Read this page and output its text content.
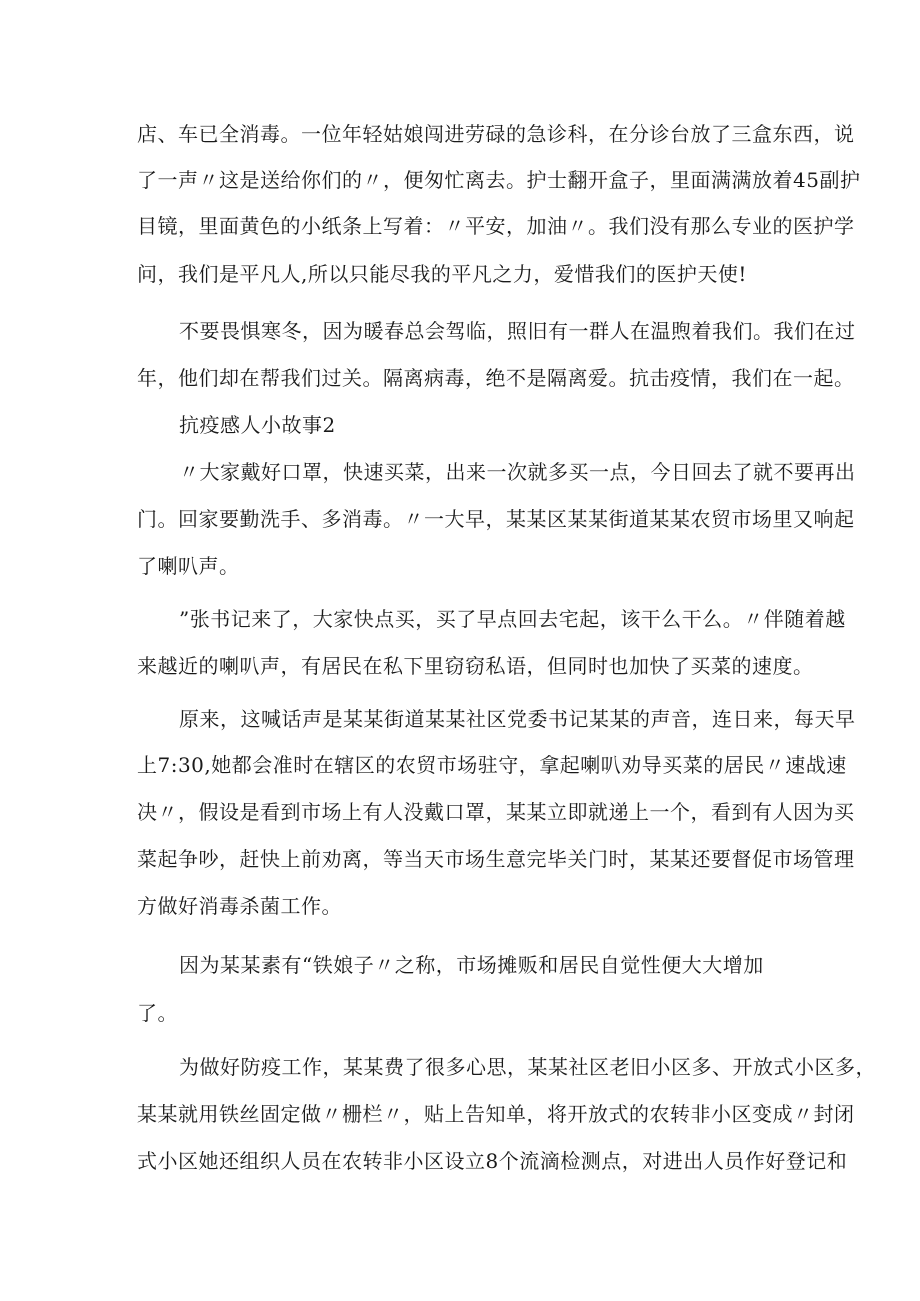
店、车已全消毒。一位年轻姑娘闯进劳碌的急诊科，在分诊台放了三盒东西，说
了一声〃这是送给你们的〃，便匆忙离去。护士翻开盒子，里面满满放着45副护
目镜，里面黄色的小纸条上写着：〃平安，加油〃。我们没有那么专业的医护学
问，我们是平凡人,所以只能尽我的平凡之力，爱惜我们的医护天使!
不要畏惧寒冬，因为暖春总会驾临，照旧有一群人在温煦着我们。我们在过
年，他们却在帮我们过关。隔离病毒，绝不是隔离爱。抗击疫情，我们在一起。
抗疫感人小故事2
〃大家戴好口罩，快速买菜，出来一次就多买一点，今日回去了就不要再出
门。回家要勤洗手、多消毒。〃一大早，某某区某某街道某某农贸市场里又响起
了喇叭声。
”张书记来了，大家快点买，买了早点回去宅起，该干么干么。〃伴随着越
来越近的喇叭声，有居民在私下里窃窃私语，但同时也加快了买菜的速度。
原来，这喊话声是某某街道某某社区党委书记某某的声音，连日来，每天早
上7:30,她都会准时在辖区的农贸市场驻守，拿起喇叭劝导买菜的居民〃速战速
决〃，假设是看到市场上有人没戴口罩，某某立即就递上一个，看到有人因为买
菜起争吵，赶快上前劝离，等当天市场生意完毕关门时，某某还要督促市场管理
方做好消毒杀菌工作。
因为某某素有“铁娘子〃之称，市场摊贩和居民自觉性便大大增加
了。
为做好防疫工作，某某费了很多心思，某某社区老旧小区多、开放式小区多，
某某就用铁丝固定做〃栅栏〃，贴上告知单，将开放式的农转非小区变成〃封闭
式小区她还组织人员在农转非小区设立8个流滴检测点，对进出人员作好登记和
